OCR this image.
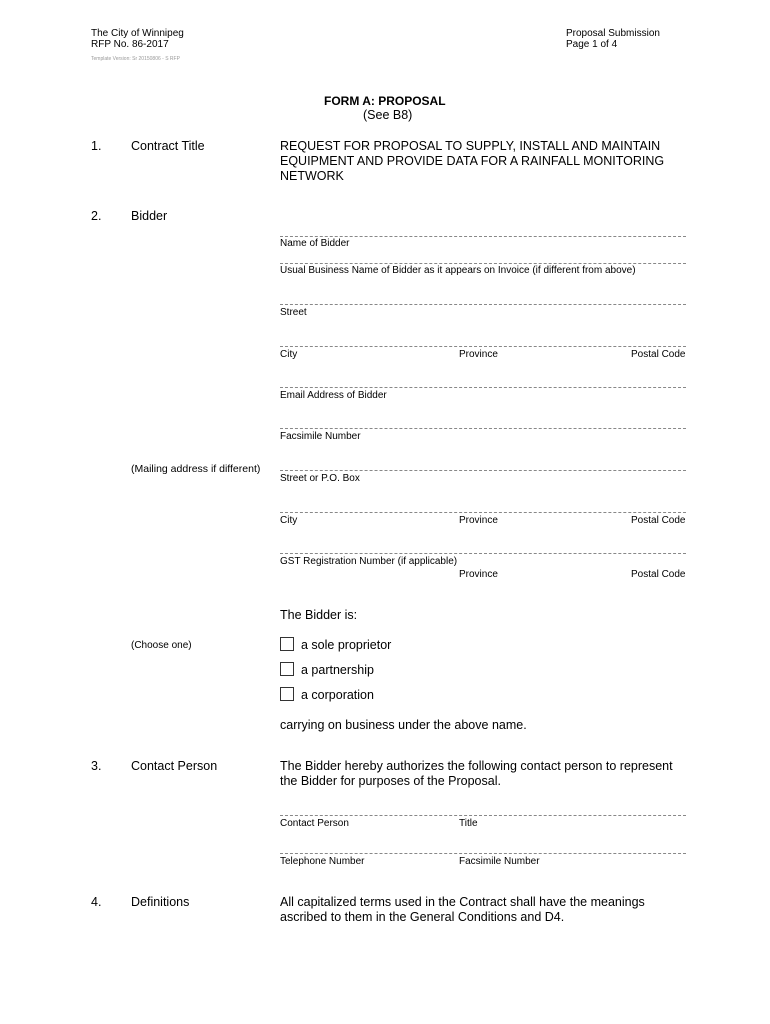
The City of Winnipeg
RFP No. 86-2017
Template Version: Sr 20150806 - S RFP
Proposal Submission
Page 1 of 4
FORM A: PROPOSAL
(See B8)
1. Contract Title	REQUEST FOR PROPOSAL TO SUPPLY, INSTALL AND MAINTAIN
EQUIPMENT AND PROVIDE DATA FOR A RAINFALL MONITORING
NETWORK
2. Bidder
Name of Bidder
Usual Business Name of Bidder as it appears on Invoice (if different from above)
Street
City	Province	Postal Code
Email Address of Bidder
Facsimile Number
(Mailing address if different)
Street or P.O. Box
City	Province	Postal Code
GST Registration Number (if applicable)
Province	Postal Code
The Bidder is:
(Choose one)	a sole proprietor
a partnership
a corporation
carrying on business under the above name.
3. Contact Person	The Bidder hereby authorizes the following contact person to represent
the Bidder for purposes of the Proposal.
Contact Person	Title
Telephone Number	Facsimile Number
4. Definitions	All capitalized terms used in the Contract shall have the meanings
ascribed to them in the General Conditions and D4.
